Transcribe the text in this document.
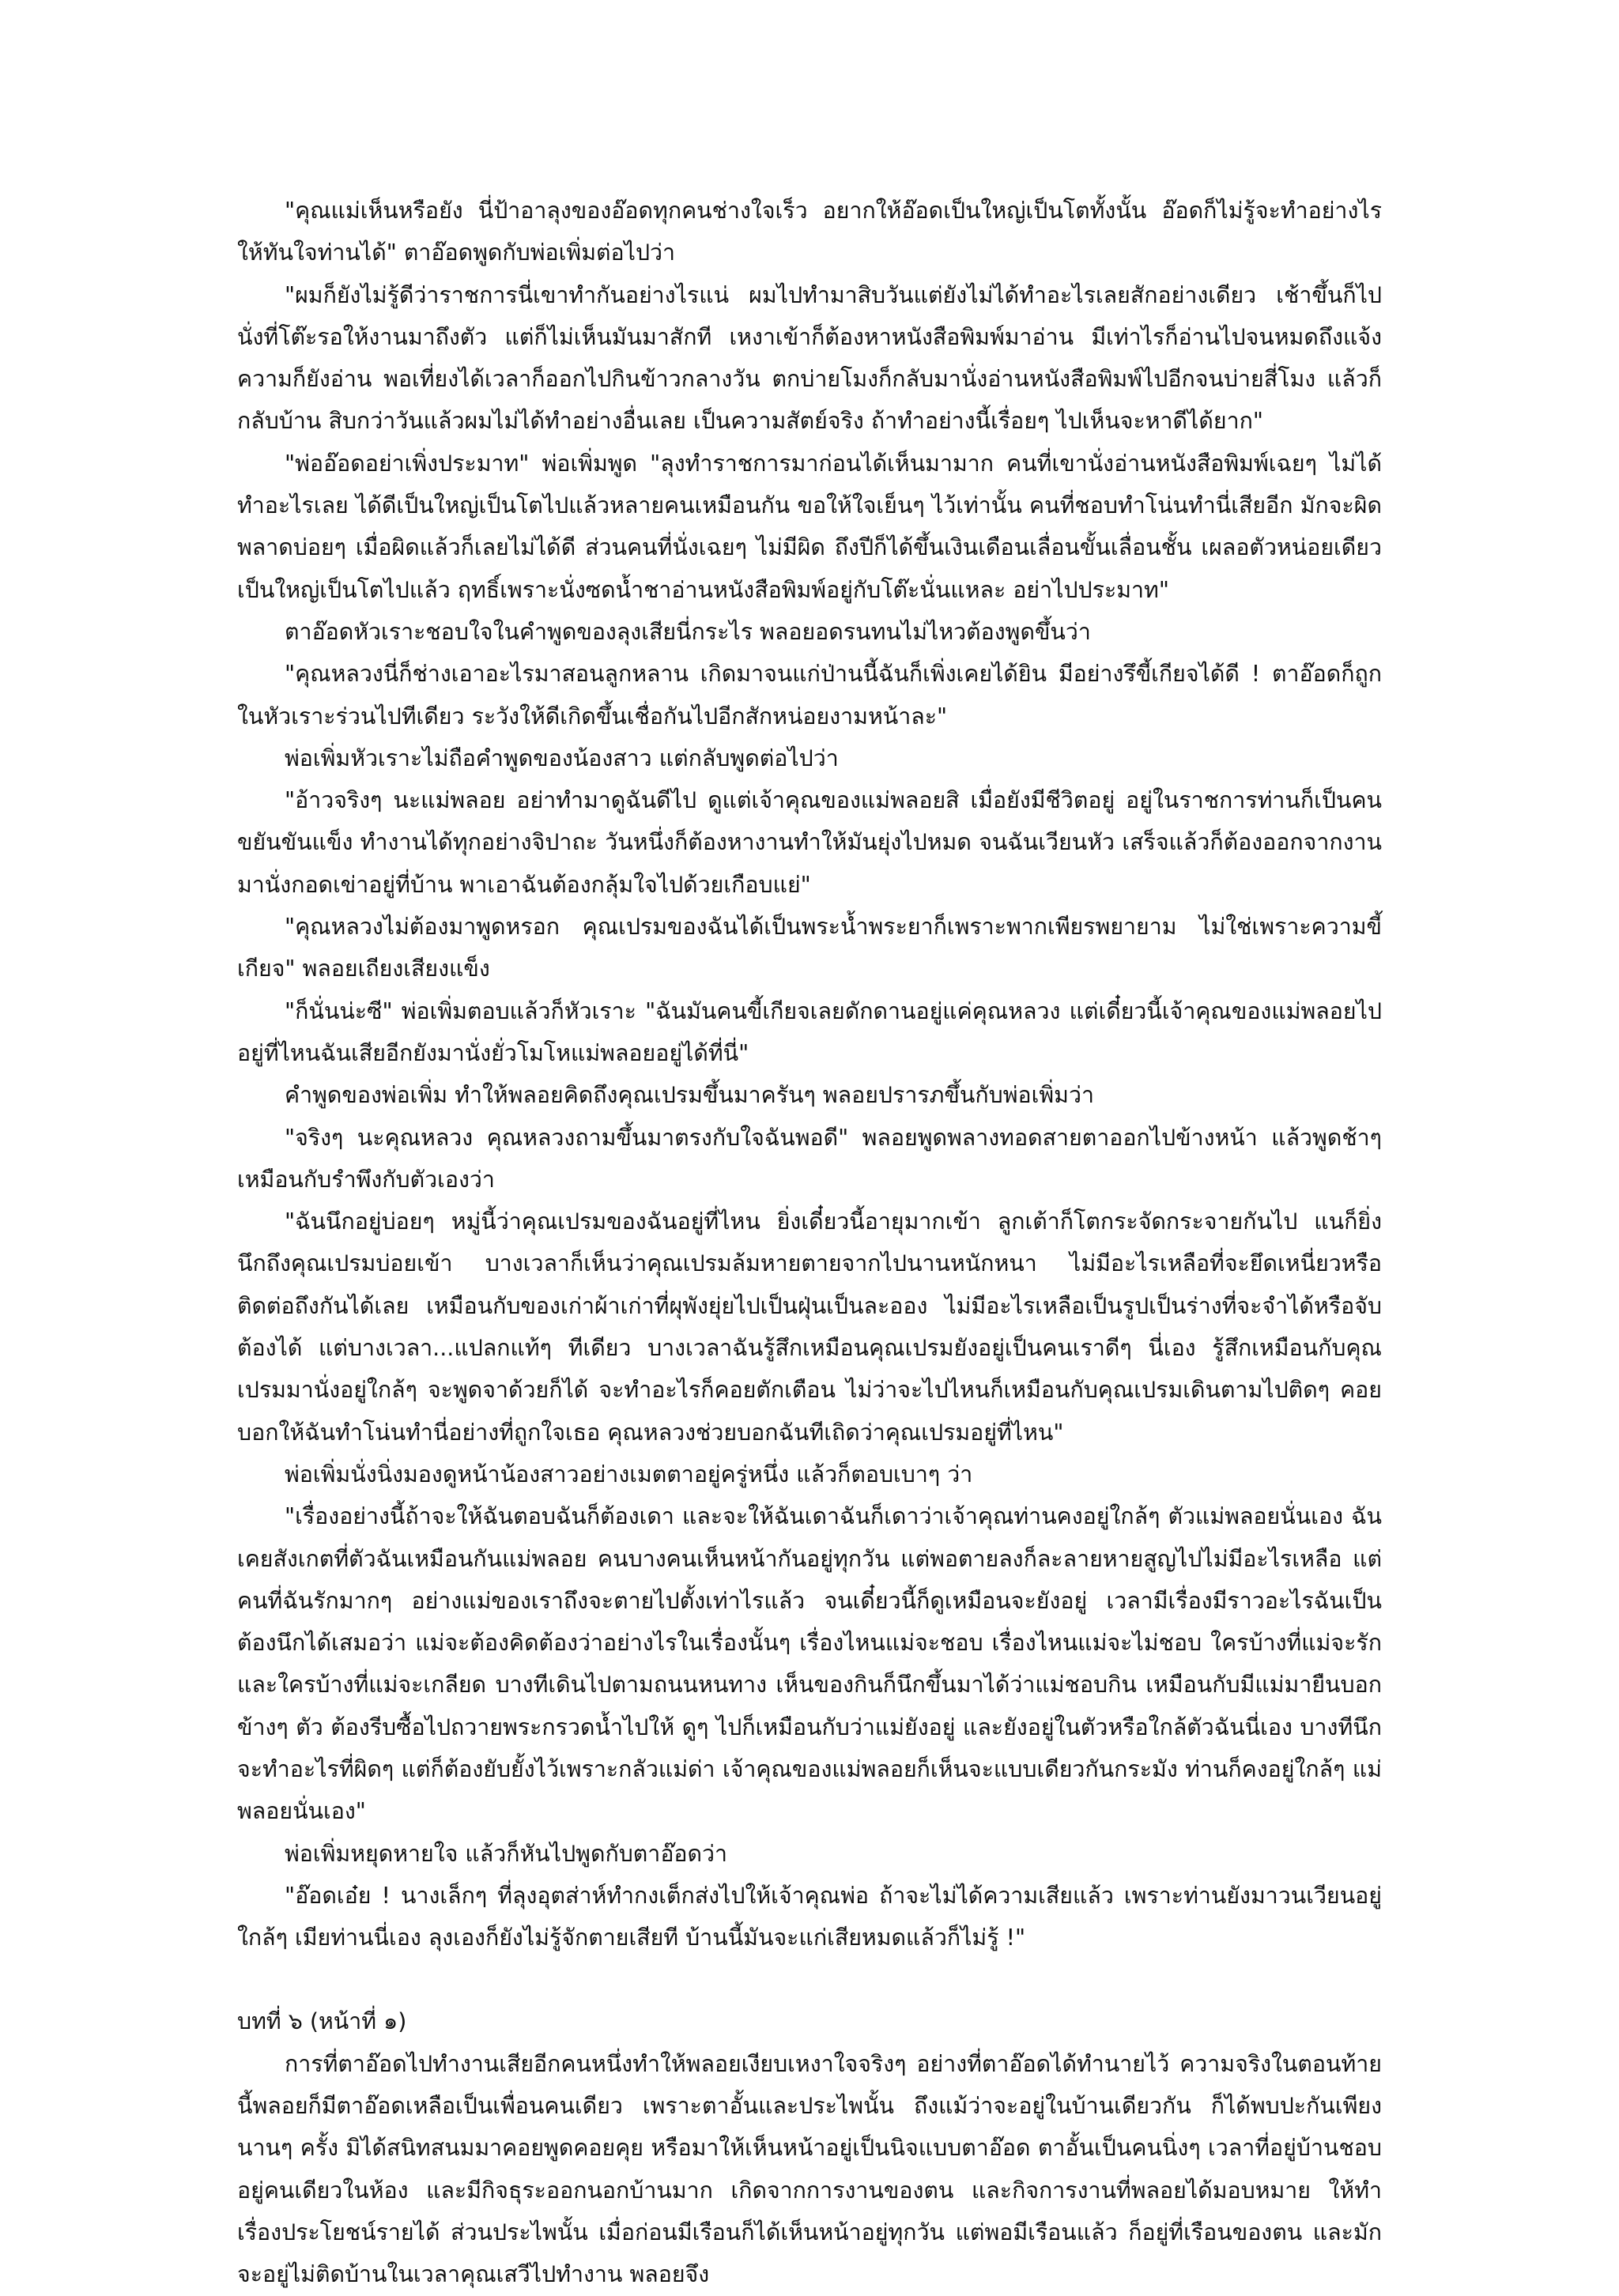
"คุณแม่เห็นหรือยัง นี่ป้าอาลุงของอ๊อดทุกคนช่างใจเร็ว อยากให้อ๊อดเป็นใหญ่เป็นโตทั้งนั้น อ๊อดก็ไม่รู้จะทำอย่างไรให้ทันใจท่านได้" ตาอ๊อดพูดกับพ่อเพิ่มต่อไปว่า

"ผมก็ยังไม่รู้ดีว่าราชการนี่เขาทำกันอย่างไรแน่ ผมไปทำมาสิบวันแต่ยังไม่ได้ทำอะไรเลยสักอย่างเดียว เช้าขึ้นก็ไปนั่งที่โต๊ะรอให้งานมาถึงตัว แต่ก็ไม่เห็นมันมาสักที เหงาเข้าก็ต้องหาหนังสือพิมพ์มาอ่าน มีเท่าไรก็อ่านไปจนหมดถึงแจ้งความก็ยังอ่าน พอเที่ยงได้เวลาก็ออกไปกินข้าวกลางวัน ตกบ่ายโมงก็กลับมานั่งอ่านหนังสือพิมพ์ไปอีกจนบ่ายสี่โมง แล้วก็กลับบ้าน สิบกว่าวันแล้วผมไม่ได้ทำอย่างอื่นเลย เป็นความสัตย์จริง ถ้าทำอย่างนี้เรื่อยๆ ไปเห็นจะหาดีได้ยาก"

"พ่ออ๊อดอย่าเพิ่งประมาท" พ่อเพิ่มพูด "ลุงทำราชการมาก่อนได้เห็นมามาก คนที่เขานั่งอ่านหนังสือพิมพ์เฉยๆ ไม่ได้ทำอะไรเลย ได้ดีเป็นใหญ่เป็นโตไปแล้วหลายคนเหมือนกัน ขอให้ใจเย็นๆ ไว้เท่านั้น คนที่ชอบทำโน่นทำนี่เสียอีก มักจะผิดพลาดบ่อยๆ เมื่อผิดแล้วก็เลยไม่ได้ดี ส่วนคนที่นั่งเฉยๆ ไม่มีผิด ถึงปีก็ได้ขึ้นเงินเดือนเลื่อนขั้นเลื่อนชั้น เผลอตัวหน่อยเดียวเป็นใหญ่เป็นโตไปแล้ว ฤทธิ์เพราะนั่งซดน้ำชาอ่านหนังสือพิมพ์อยู่กับโต๊ะนั่นแหละ อย่าไปประมาท"

ตาอ๊อดหัวเราะชอบใจในคำพูดของลุงเสียนี่กระไร พลอยอดรนทนไม่ไหวต้องพูดขึ้นว่า

"คุณหลวงนี่ก็ช่างเอาอะไรมาสอนลูกหลาน เกิดมาจนแก่ป่านนี้ฉันก็เพิ่งเคยได้ยิน มีอย่างรึขี้เกียจได้ดี ! ตาอ๊อดก็ถูกในหัวเราะร่วนไปทีเดียว ระวังให้ดีเกิดขึ้นเชื่อกันไปอีกสักหน่อยงามหน้าละ"

พ่อเพิ่มหัวเราะไม่ถือคำพูดของน้องสาว แต่กลับพูดต่อไปว่า

"อ้าวจริงๆ นะแม่พลอย อย่าทำมาดูฉันดีไป ดูแต่เจ้าคุณของแม่พลอยสิ เมื่อยังมีชีวิตอยู่ อยู่ในราชการท่านก็เป็นคนขยันขันแข็ง ทำงานได้ทุกอย่างจิปาถะ วันหนึ่งก็ต้องหางานทำให้มันยุ่งไปหมด จนฉันเวียนหัว เสร็จแล้วก็ต้องออกจากงานมานั่งกอดเข่าอยู่ที่บ้าน พาเอาฉันต้องกลุ้มใจไปด้วยเกือบแย่"

"คุณหลวงไม่ต้องมาพูดหรอก คุณเปรมของฉันได้เป็นพระน้ำพระยาก็เพราะพากเพียรพยายาม ไม่ใช่เพราะความขี้เกียจ" พลอยเถียงเสียงแข็ง

"ก็นั่นน่ะซี" พ่อเพิ่มตอบแล้วก็หัวเราะ "ฉันมันคนขี้เกียจเลยดักดานอยู่แค่คุณหลวง แต่เดี๋ยวนี้เจ้าคุณของแม่พลอยไปอยู่ที่ไหนฉันเสียอีกยังมานั่งยั่วโมโหแม่พลอยอยู่ได้ที่นี่"

คำพูดของพ่อเพิ่ม ทำให้พลอยคิดถึงคุณเปรมขึ้นมาครันๆ พลอยปรารภขึ้นกับพ่อเพิ่มว่า

"จริงๆ นะคุณหลวง คุณหลวงถามขึ้นมาตรงกับใจฉันพอดี" พลอยพูดพลางทอดสายตาออกไปข้างหน้า แล้วพูดช้าๆ เหมือนกับรำพึงกับตัวเองว่า

"ฉันนึกอยู่บ่อยๆ หมู่นี้ว่าคุณเปรมของฉันอยู่ที่ไหน ยิ่งเดี๋ยวนี้อายุมากเข้า ลูกเต้าก็โตกระจัดกระจายกันไป แนก็ยิ่งนึกถึงคุณเปรมบ่อยเข้า บางเวลาก็เห็นว่าคุณเปรมล้มหายตายจากไปนานหนักหนา ไม่มีอะไรเหลือที่จะยึดเหนี่ยวหรือติดต่อถึงกันได้เลย เหมือนกับของเก่าผ้าเก่าที่ผุพังยุ่ยไปเป็นฝุ่นเป็นละออง ไม่มีอะไรเหลือเป็นรูปเป็นร่างที่จะจำได้หรือจับต้องได้ แต่บางเวลา...แปลกแท้ๆ ทีเดียว บางเวลาฉันรู้สึกเหมือนคุณเปรมยังอยู่เป็นคนเราดีๆ นี่เอง รู้สึกเหมือนกับคุณเปรมมานั่งอยู่ใกล้ๆ จะพูดจาด้วยก็ได้ จะทำอะไรก็คอยตักเตือน ไม่ว่าจะไปไหนก็เหมือนกับคุณเปรมเดินตามไปติดๆ คอยบอกให้ฉันทำโน่นทำนี่อย่างที่ถูกใจเธอ คุณหลวงช่วยบอกฉันทีเถิดว่าคุณเปรมอยู่ที่ไหน"

พ่อเพิ่มนั่งนิ่งมองดูหน้าน้องสาวอย่างเมตตาอยู่ครู่หนึ่ง แล้วก็ตอบเบาๆ ว่า

"เรื่องอย่างนี้ถ้าจะให้ฉันตอบฉันก็ต้องเดา และจะให้ฉันเดาฉันก็เดาว่าเจ้าคุณท่านคงอยู่ใกล้ๆ ตัวแม่พลอยนั่นเอง ฉันเคยสังเกตที่ตัวฉันเหมือนกันแม่พลอย คนบางคนเห็นหน้ากันอยู่ทุกวัน แต่พอตายลงก็ละลายหายสูญไปไม่มีอะไรเหลือ แต่คนที่ฉันรักมากๆ อย่างแม่ของเราถึงจะตายไปตั้งเท่าไรแล้ว จนเดี๋ยวนี้ก็ดูเหมือนจะยังอยู่ เวลามีเรื่องมีราวอะไรฉันเป็นต้องนึกได้เสมอว่า แม่จะต้องคิดต้องว่าอย่างไรในเรื่องนั้นๆ เรื่องไหนแม่จะชอบ เรื่องไหนแม่จะไม่ชอบ ใครบ้างที่แม่จะรักและใครบ้างที่แม่จะเกลียด บางทีเดินไปตามถนนหนทาง เห็นของกินก็นึกขึ้นมาได้ว่าแม่ชอบกิน เหมือนกับมีแม่มายืนบอกข้างๆ ตัว ต้องรีบซื้อไปถวายพระกรวดน้ำไปให้ ดูๆ ไปก็เหมือนกับว่าแม่ยังอยู่ และยังอยู่ในตัวหรือใกล้ตัวฉันนี่เอง บางทีนึกจะทำอะไรที่ผิดๆ แต่ก็ต้องยับยั้งไว้เพราะกลัวแม่ด่า เจ้าคุณของแม่พลอยก็เห็นจะแบบเดียวกันกระมัง ท่านก็คงอยู่ใกล้ๆ แม่พลอยนั่นเอง"

พ่อเพิ่มหยุดหายใจ แล้วก็หันไปพูดกับตาอ๊อดว่า

"อ๊อดเอ๋ย ! นางเล็กๆ ที่ลุงอุตส่าห์ทำกงเต็กส่งไปให้เจ้าคุณพ่อ ถ้าจะไม่ได้ความเสียแล้ว เพราะท่านยังมาวนเวียนอยู่ใกล้ๆ เมียท่านนี่เอง ลุงเองก็ยังไม่รู้จักตายเสียที บ้านนี้มันจะแก่เสียหมดแล้วก็ไม่รู้ !"

บทที่ ๖ (หน้าที่ ๑)

การที่ตาอ๊อดไปทำงานเสียอีกคนหนึ่งทำให้พลอยเงียบเหงาใจจริงๆ อย่างที่ตาอ๊อดได้ทำนายไว้ ความจริงในตอนท้ายนี้พลอยก็มีตาอ๊อดเหลือเป็นเพื่อนคนเดียว เพราะตาอั้นและประไพนั้น ถึงแม้ว่าจะอยู่ในบ้านเดียวกัน ก็ได้พบปะกันเพียงนานๆ ครั้ง มิได้สนิทสนมมาคอยพูดคอยคุย หรือมาให้เห็นหน้าอยู่เป็นนิจแบบตาอ๊อด ตาอั้นเป็นคนนิ่งๆ เวลาที่อยู่บ้านชอบอยู่คนเดียวในห้อง และมีกิจธุระออกนอกบ้านมาก เกิดจากการงานของตน และกิจการงานที่พลอยได้มอบหมาย ให้ทำเรื่องประโยชน์รายได้ ส่วนประไพนั้น เมื่อก่อนมีเรือนก็ได้เห็นหน้าอยู่ทุกวัน แต่พอมีเรือนแล้ว ก็อยู่ที่เรือนของตน และมักจะอยู่ไม่ติดบ้านในเวลาคุณเสวีไปทำงาน พลอยจึง
